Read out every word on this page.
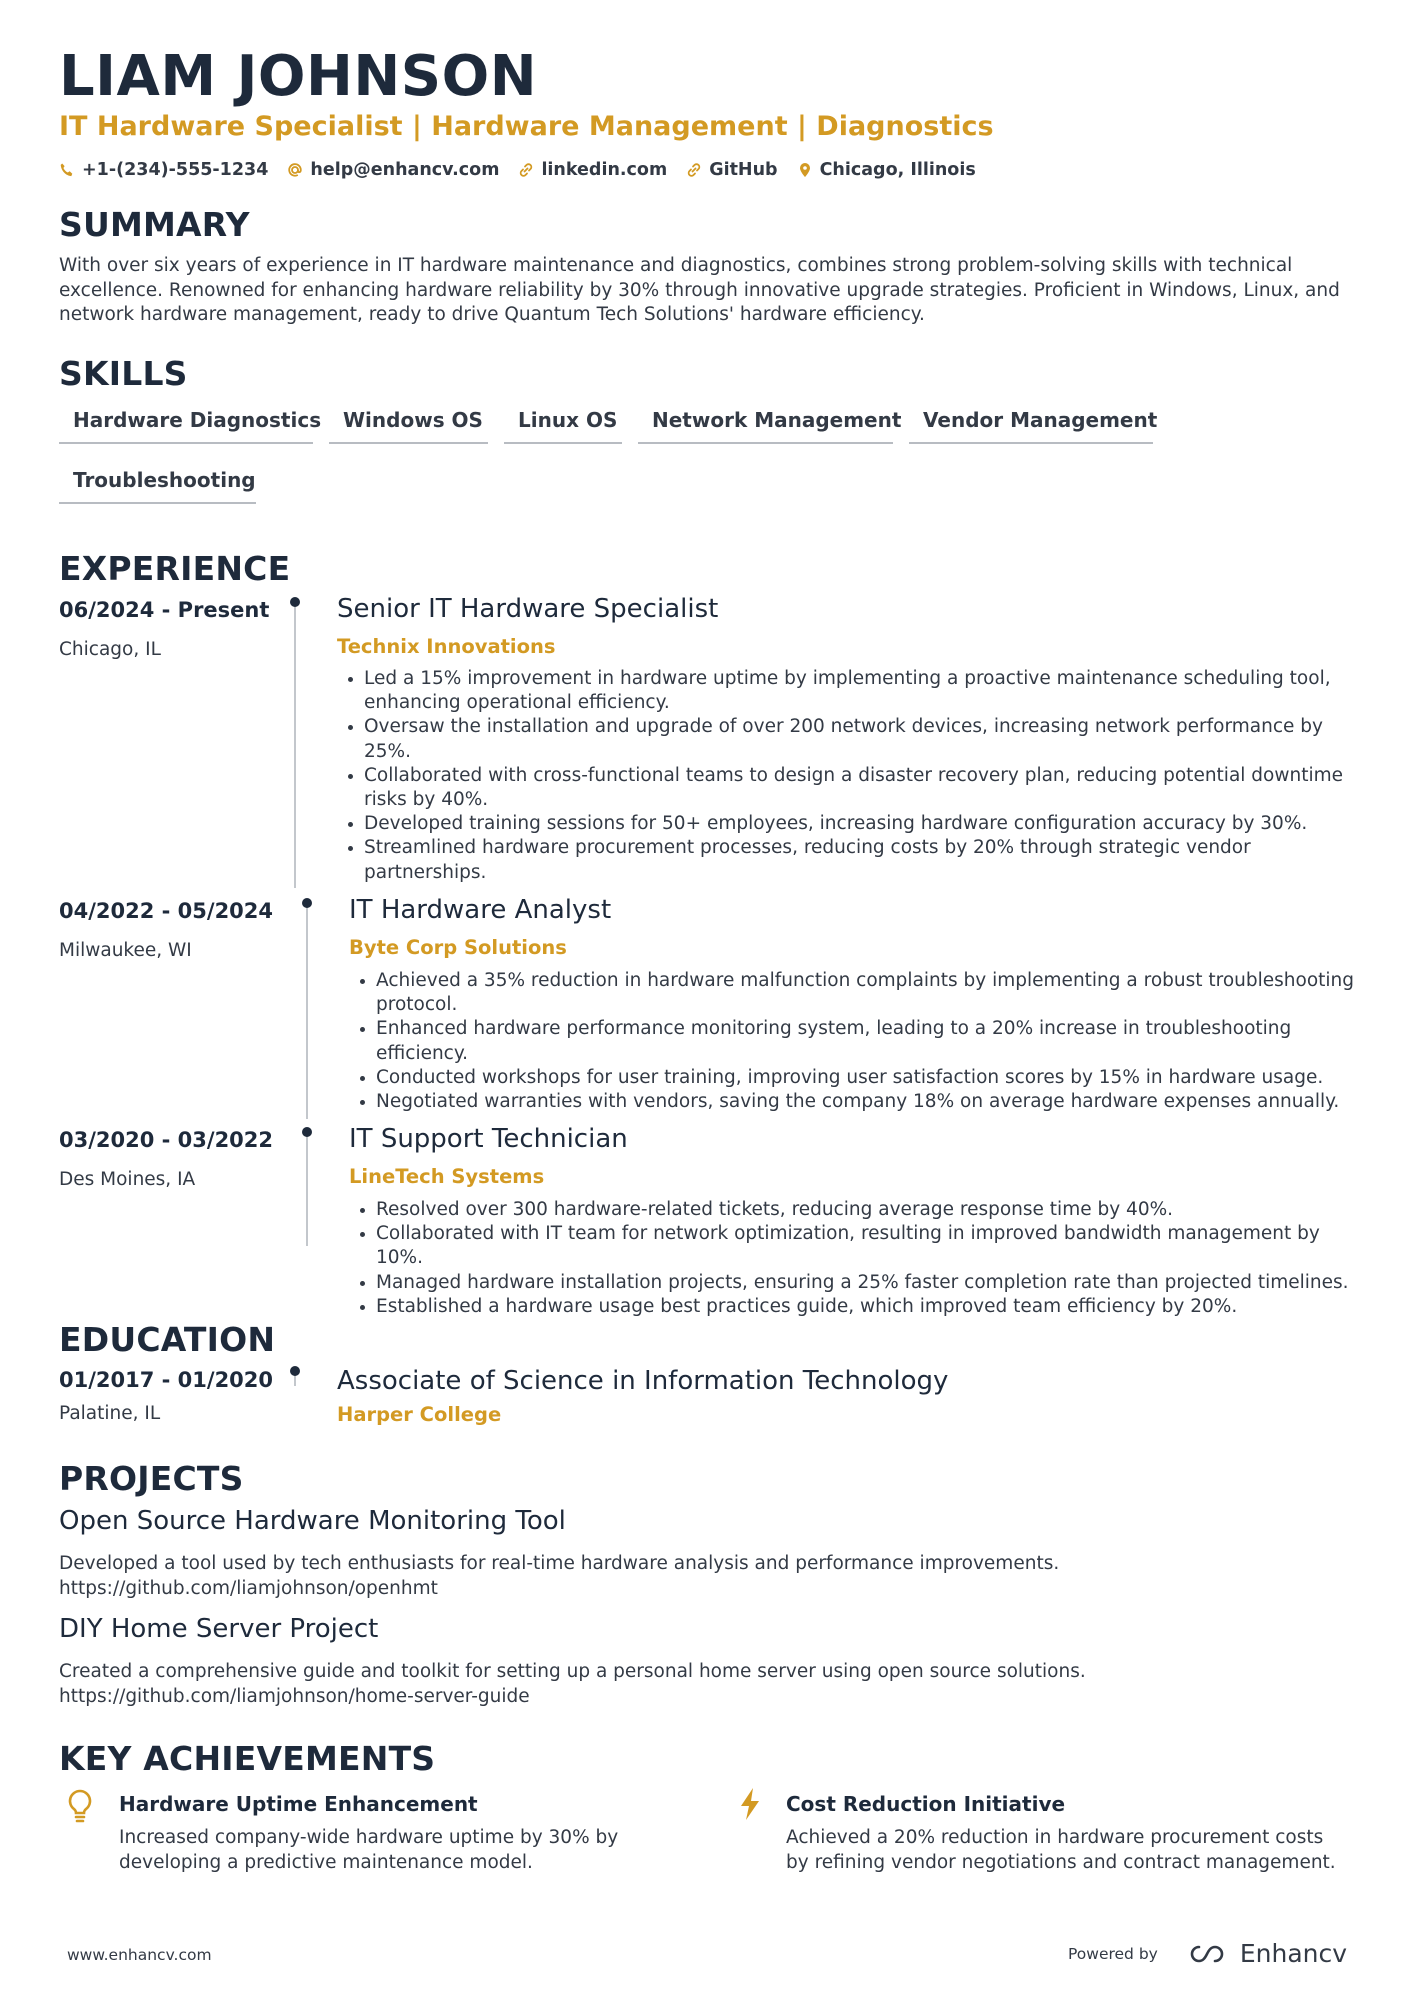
LIAM JOHNSON
IT Hardware Specialist | Hardware Management | Diagnostics
+1-(234)-555-1234 help@enhancv.com linkedin.com GitHub Chicago, Illinois
SUMMARY
With over six years of experience in IT hardware maintenance and diagnostics, combines strong problem-solving skills with technical excellence. Renowned for enhancing hardware reliability by 30% through innovative upgrade strategies. Proficient in Windows, Linux, and network hardware management, ready to drive Quantum Tech Solutions' hardware efficiency.
SKILLS
Hardware Diagnostics	Windows OS	Linux OS	Network Management	Vendor Management
Troubleshooting
EXPERIENCE
06/2024 - Present
Chicago, IL
Senior IT Hardware Specialist
Technix Innovations
Led a 15% improvement in hardware uptime by implementing a proactive maintenance scheduling tool, enhancing operational efficiency.
Oversaw the installation and upgrade of over 200 network devices, increasing network performance by 25%.
Collaborated with cross-functional teams to design a disaster recovery plan, reducing potential downtime risks by 40%.
Developed training sessions for 50+ employees, increasing hardware configuration accuracy by 30%.
Streamlined hardware procurement processes, reducing costs by 20% through strategic vendor partnerships.
04/2022 - 05/2024
Milwaukee, WI
IT Hardware Analyst
Byte Corp Solutions
Achieved a 35% reduction in hardware malfunction complaints by implementing a robust troubleshooting protocol.
Enhanced hardware performance monitoring system, leading to a 20% increase in troubleshooting efficiency.
Conducted workshops for user training, improving user satisfaction scores by 15% in hardware usage.
Negotiated warranties with vendors, saving the company 18% on average hardware expenses annually.
03/2020 - 03/2022
Des Moines, IA
IT Support Technician
LineTech Systems
Resolved over 300 hardware-related tickets, reducing average response time by 40%.
Collaborated with IT team for network optimization, resulting in improved bandwidth management by 10%.
Managed hardware installation projects, ensuring a 25% faster completion rate than projected timelines.
Established a hardware usage best practices guide, which improved team efficiency by 20%.
EDUCATION
01/2017 - 01/2020
Palatine, IL
Associate of Science in Information Technology
Harper College
PROJECTS
Open Source Hardware Monitoring Tool
Developed a tool used by tech enthusiasts for real-time hardware analysis and performance improvements.
https://github.com/liamjohnson/openhmt
DIY Home Server Project
Created a comprehensive guide and toolkit for setting up a personal home server using open source solutions.
https://github.com/liamjohnson/home-server-guide
KEY ACHIEVEMENTS
Hardware Uptime Enhancement
Increased company-wide hardware uptime by 30% by developing a predictive maintenance model.
Cost Reduction Initiative
Achieved a 20% reduction in hardware procurement costs by refining vendor negotiations and contract management.
www.enhancv.com	Powered by	Enhancv
